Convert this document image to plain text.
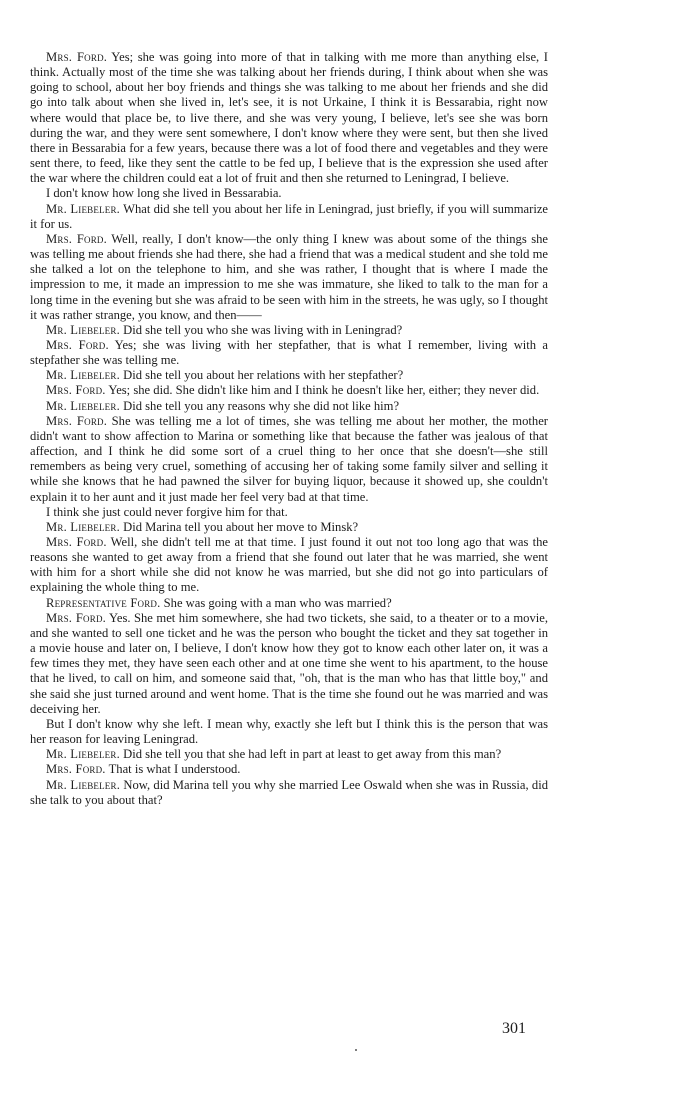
Mrs. Ford. Yes; she was going into more of that in talking with me more than anything else, I think. Actually most of the time she was talking about her friends during, I think about when she was going to school, about her boy friends and things she was talking to me about her friends and she did go into talk about when she lived in, let's see, it is not Urkaine, I think it is Bessarabia, right now where would that place be, to live there, and she was very young, I believe, let's see she was born during the war, and they were sent somewhere, I don't know where they were sent, but then she lived there in Bessarabia for a few years, because there was a lot of food there and vegetables and they were sent there, to feed, like they sent the cattle to be fed up, I believe that is the expression she used after the war where the children could eat a lot of fruit and then she returned to Leningrad, I believe.

I don't know how long she lived in Bessarabia.

Mr. Liebeler. What did she tell you about her life in Leningrad, just briefly, if you will summarize it for us.

Mrs. Ford. Well, really, I don't know—the only thing I knew was about some of the things she was telling me about friends she had there, she had a friend that was a medical student and she told me she talked a lot on the telephone to him, and she was rather, I thought that is where I made the impression to me, it made an impression to me she was immature, she liked to talk to the man for a long time in the evening but she was afraid to be seen with him in the streets, he was ugly, so I thought it was rather strange, you know, and then——

Mr. Liebeler. Did she tell you who she was living with in Leningrad?

Mrs. Ford. Yes; she was living with her stepfather, that is what I remember, living with a stepfather she was telling me.

Mr. Liebeler. Did she tell you about her relations with her stepfather?

Mrs. Ford. Yes; she did. She didn't like him and I think he doesn't like her, either; they never did.

Mr. Liebeler. Did she tell you any reasons why she did not like him?

Mrs. Ford. She was telling me a lot of times, she was telling me about her mother, the mother didn't want to show affection to Marina or something like that because the father was jealous of that affection, and I think he did some sort of a cruel thing to her once that she doesn't—she still remembers as being very cruel, something of accusing her of taking some family silver and selling it while she knows that he had pawned the silver for buying liquor, because it showed up, she couldn't explain it to her aunt and it just made her feel very bad at that time.

I think she just could never forgive him for that.

Mr. Liebeler. Did Marina tell you about her move to Minsk?

Mrs. Ford. Well, she didn't tell me at that time. I just found it out not too long ago that was the reasons she wanted to get away from a friend that she found out later that he was married, she went with him for a short while she did not know he was married, but she did not go into particulars of explaining the whole thing to me.

Representative Ford. She was going with a man who was married?

Mrs. Ford. Yes. She met him somewhere, she had two tickets, she said, to a theater or to a movie, and she wanted to sell one ticket and he was the person who bought the ticket and they sat together in a movie house and later on, I believe, I don't know how they got to know each other later on, it was a few times they met, they have seen each other and at one time she went to his apartment, to the house that he lived, to call on him, and someone said that, "oh, that is the man who has that little boy," and she said she just turned around and went home. That is the time she found out he was married and was deceiving her.

But I don't know why she left. I mean why, exactly she left but I think this is the person that was her reason for leaving Leningrad.

Mr. Liebeler. Did she tell you that she had left in part at least to get away from this man?

Mrs. Ford. That is what I understood.

Mr. Liebeler. Now, did Marina tell you why she married Lee Oswald when she was in Russia, did she talk to you about that?

301
